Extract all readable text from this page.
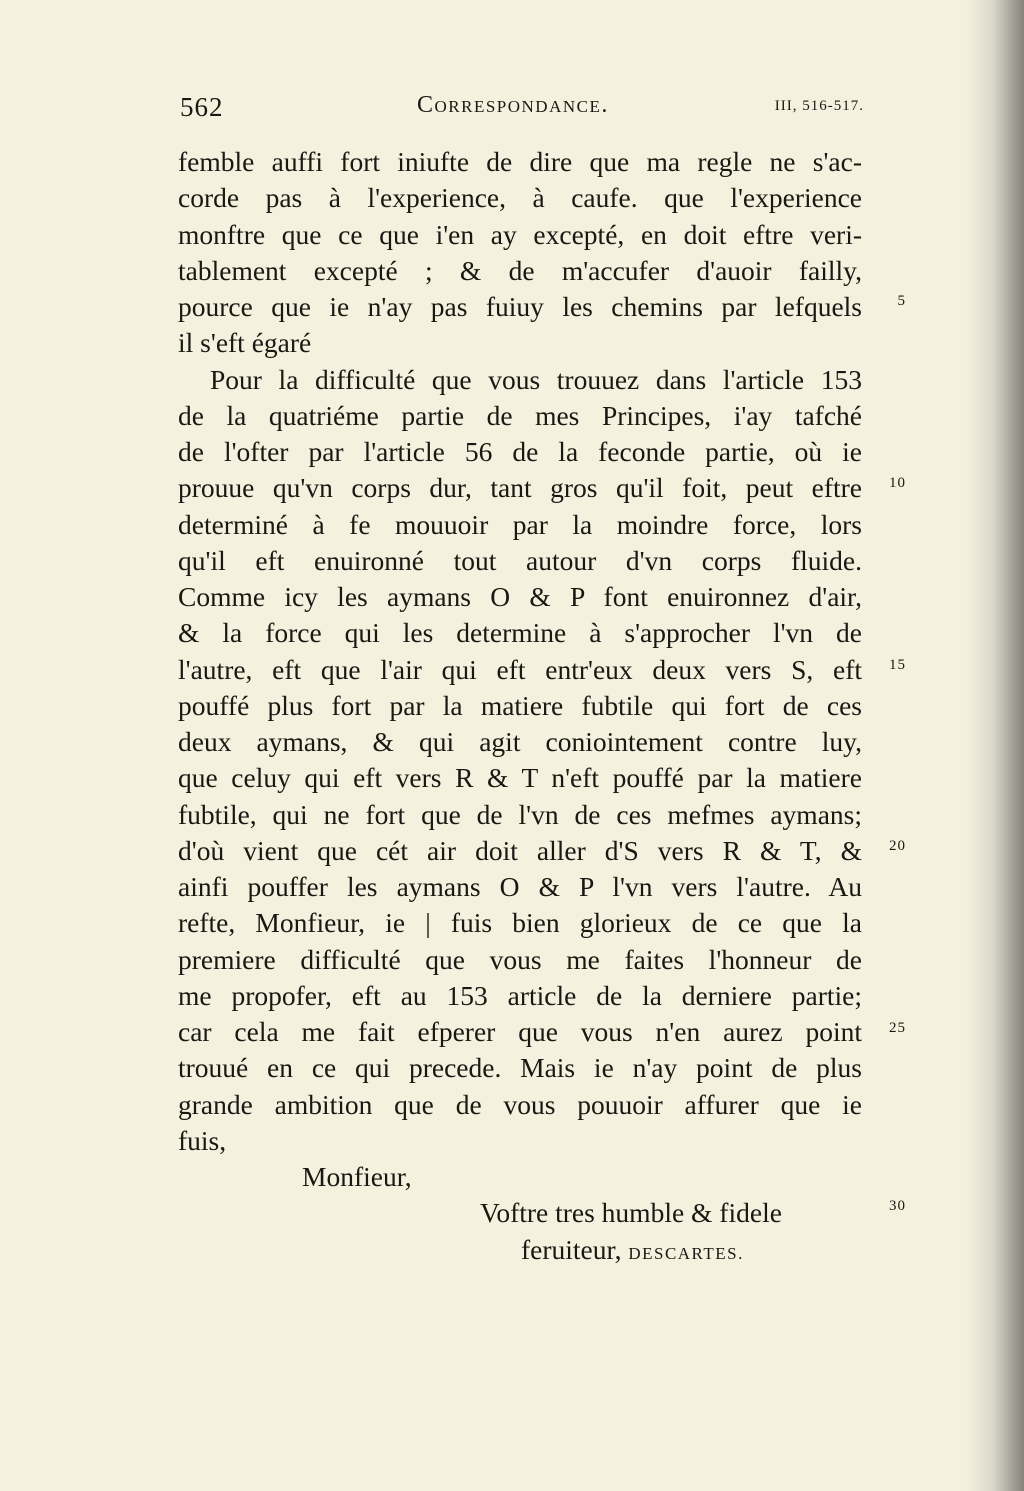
562	Correspondance.	III, 516-517.
femble auffi fort iniufte de dire que ma regle ne s'ac-
corde pas à l'experience, à caufe. que l'experience
monftre que ce que i'en ay excepté, en doit eftre veri-
tablement excepté ; & de m'accufer d'auoir failly,
pource que ie n'ay pas fuiuy les chemins par lefquels
il s'eft égaré
Pour la difficulté que vous trouuez dans l'article 153
de la quatriéme partie de mes Principes, i'ay tafché
de l'ofter par l'article 56 de la feconde partie, où ie
prouue qu'vn corps dur, tant gros qu'il foit, peut eftre
determiné à fe mouuoir par la moindre force, lors
qu'il eft enuironné tout autour d'vn corps fluide.
Comme icy les aymans O & P font enuironnez d'air,
& la force qui les determine à s'approcher l'vn de
l'autre, eft que l'air qui eft entr'eux deux vers S, eft
pouffé plus fort par la matiere fubtile qui fort de ces
deux aymans, & qui agit coniointement contre luy,
que celuy qui eft vers R & T n'eft pouffé par la matiere
fubtile, qui ne fort que de l'vn de ces mefmes aymans;
d'où vient que cét air doit aller d'S vers R & T, &
ainfi pouffer les aymans O & P l'vn vers l'autre. Au
refte, Monfieur, ie | fuis bien glorieux de ce que la
premiere difficulté que vous me faites l'honneur de
me propofer, eft au 153 article de la derniere partie;
car cela me fait efperer que vous n'en aurez point
trouué en ce qui precede. Mais ie n'ay point de plus
grande ambition que de vous pouuoir affurer que ie
fuis,
Monfieur,
Voftre tres humble & fidele
feruiteur, DESCARTES.
5
10
15
20
25
30
